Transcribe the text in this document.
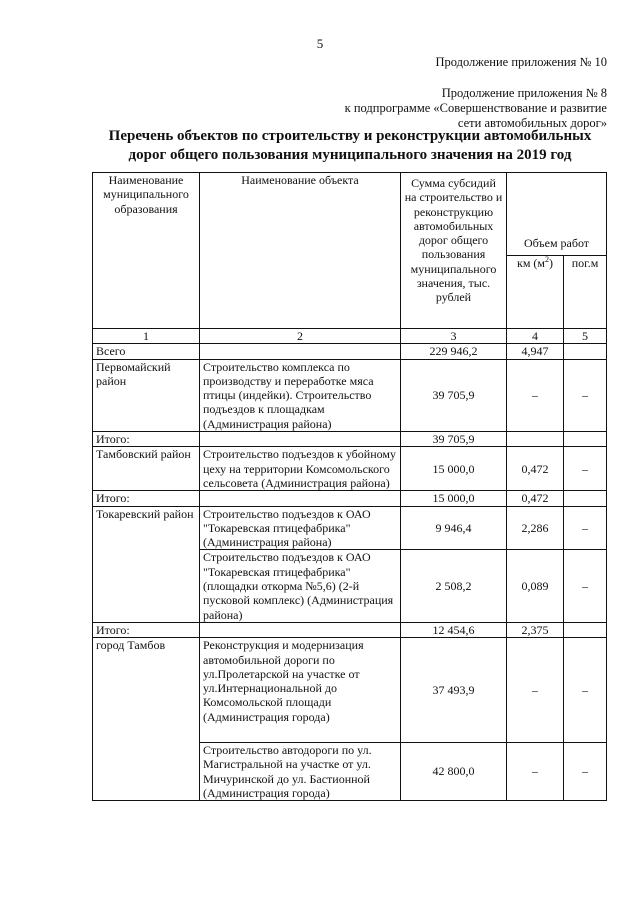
5
Продолжение приложения № 10
Продолжение приложения № 8
к подпрограмме «Совершенствование и развитие
сети автомобильных дорог»
Перечень объектов по строительству и реконструкции автомобильных
дорог общего пользования муниципального значения на 2019 год
Наименование муниципального образования	Наименование объекта	Сумма субсидий на строительство и реконструкцию автомобильных дорог общего пользования муниципального значения, тыс. рублей	Объем работ	
			км $(м^2)$	пог.м
1	2	3	4	5
Всего		229 946,2	4,947	
Первомайский район	Строительство комплекса по производству и переработке мяса птицы (индейки). Строительство подъездов к площадкам (Администрация района)	39 705,9	–	–
Итого:		39 705,9		
Тамбовский район	Строительство подъездов к убойному цеху на территории Комсомольского сельсовета (Администрация района)	15 000,0	0,472	–
Итого:		15 000,0	0,472	
Токаревский район	Строительство подъездов к ОАО "Токаревская птицефабрика" (Администрация района)	9 946,4	2,286	–
	Строительство подъездов к ОАО "Токаревская птицефабрика" (площадки откорма №5,6) (2-й пусковой комплекс) (Администрация района)	2 508,2	0,089	–
Итого:		12 454,6	2,375	
город Тамбов	Реконструкция и модернизация автомобильной дороги по ул.Пролетарской на участке от ул.Интернациональной до Комсомольской площади (Администрация города)	37 493,9	–	–
	Строительство автодороги по ул. Магистральной на участке от ул. Мичуринской до ул. Бастионной (Администрация города)	42 800,0	–	–
